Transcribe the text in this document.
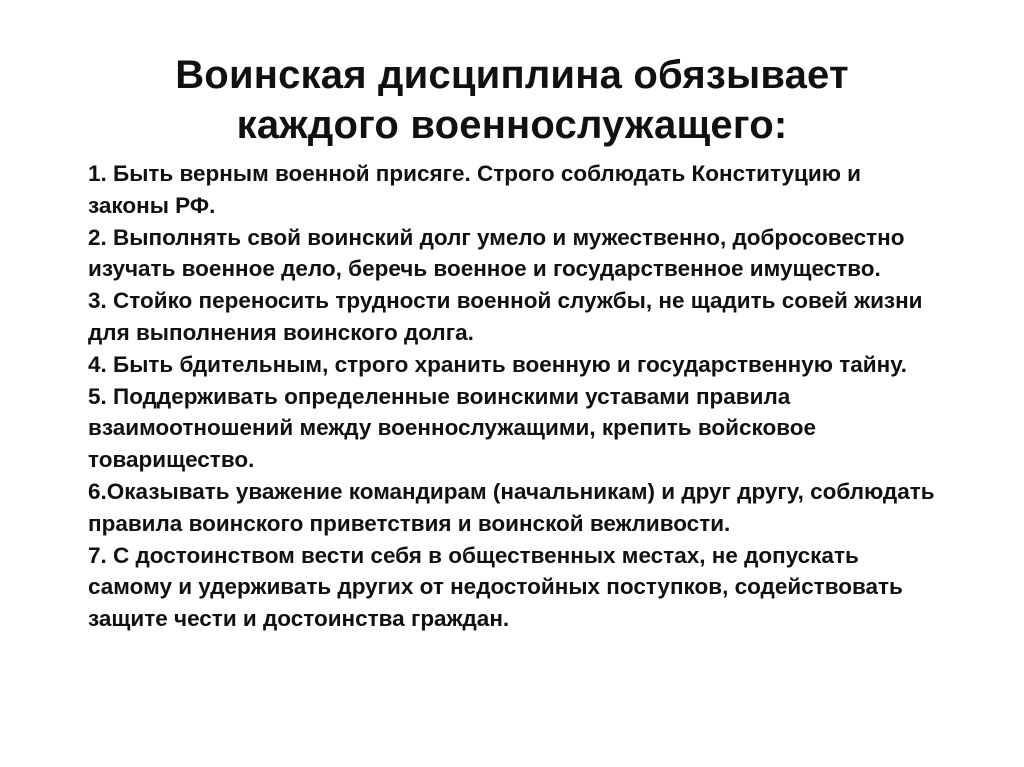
Воинская дисциплина обязывает
каждого военнослужащего:

1. Быть верным военной присяге. Строго соблюдать Конституцию и законы РФ.

2. Выполнять свой воинский долг умело и мужественно, добросовестно изучать военное дело, беречь военное и государственное имущество.

3. Стойко переносить трудности военной службы, не щадить совей жизни для выполнения воинского долга.

4. Быть бдительным, строго хранить военную и государственную тайну.

5. Поддерживать определенные воинскими уставами правила взаимоотношений между военнослужащими, крепить войсковое товарищество.

6.Оказывать уважение командирам (начальникам) и друг другу, соблюдать правила воинского приветствия и воинской вежливости.

7. С достоинством вести себя в общественных местах, не допускать самому и удерживать других от недостойных поступков, содействовать защите чести и достоинства граждан.
